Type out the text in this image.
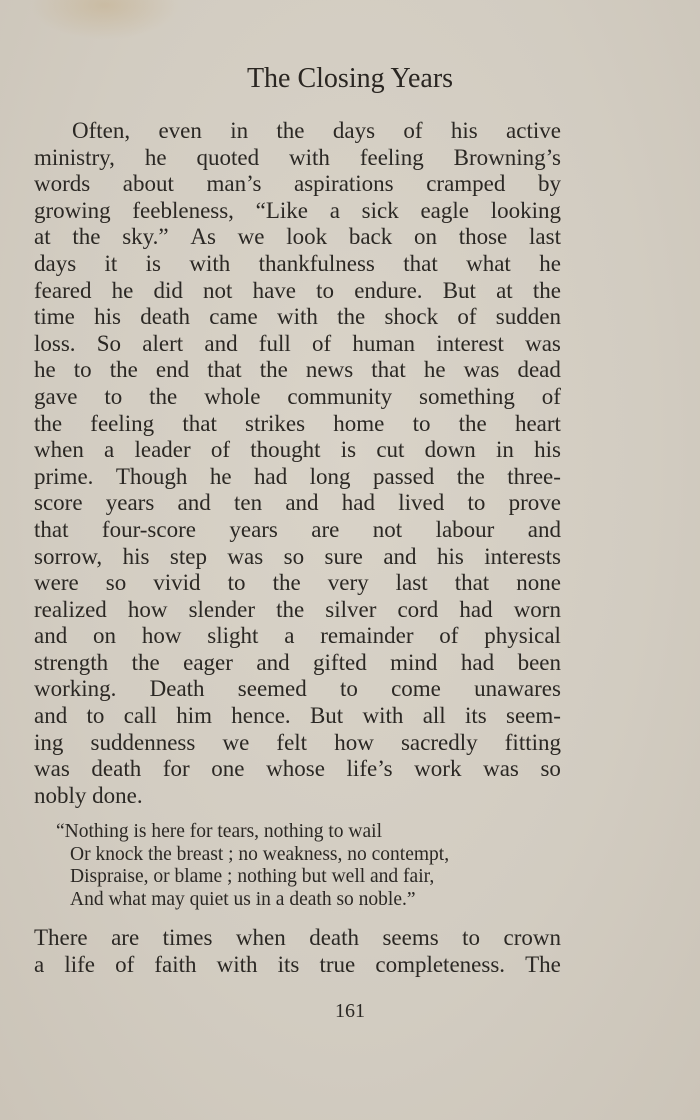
The Closing Years
Often, even in the days of his active
ministry, he quoted with feeling Browning’s
words about man’s aspirations cramped by
growing feebleness, “Like a sick eagle looking
at the sky.” As we look back on those last
days it is with thankfulness that what he
feared he did not have to endure. But at the
time his death came with the shock of sudden
loss. So alert and full of human interest was
he to the end that the news that he was dead
gave to the whole community something of
the feeling that strikes home to the heart
when a leader of thought is cut down in his
prime. Though he had long passed the three-
score years and ten and had lived to prove
that four-score years are not labour and
sorrow, his step was so sure and his interests
were so vivid to the very last that none
realized how slender the silver cord had worn
and on how slight a remainder of physical
strength the eager and gifted mind had been
working. Death seemed to come unawares
and to call him hence. But with all its seem-
ing suddenness we felt how sacredly fitting
was death for one whose life’s work was so
nobly done.
“Nothing is here for tears, nothing to wail
Or knock the breast ; no weakness, no contempt,
Dispraise, or blame ; nothing but well and fair,
And what may quiet us in a death so noble.”
There are times when death seems to crown
a life of faith with its true completeness. The
161
